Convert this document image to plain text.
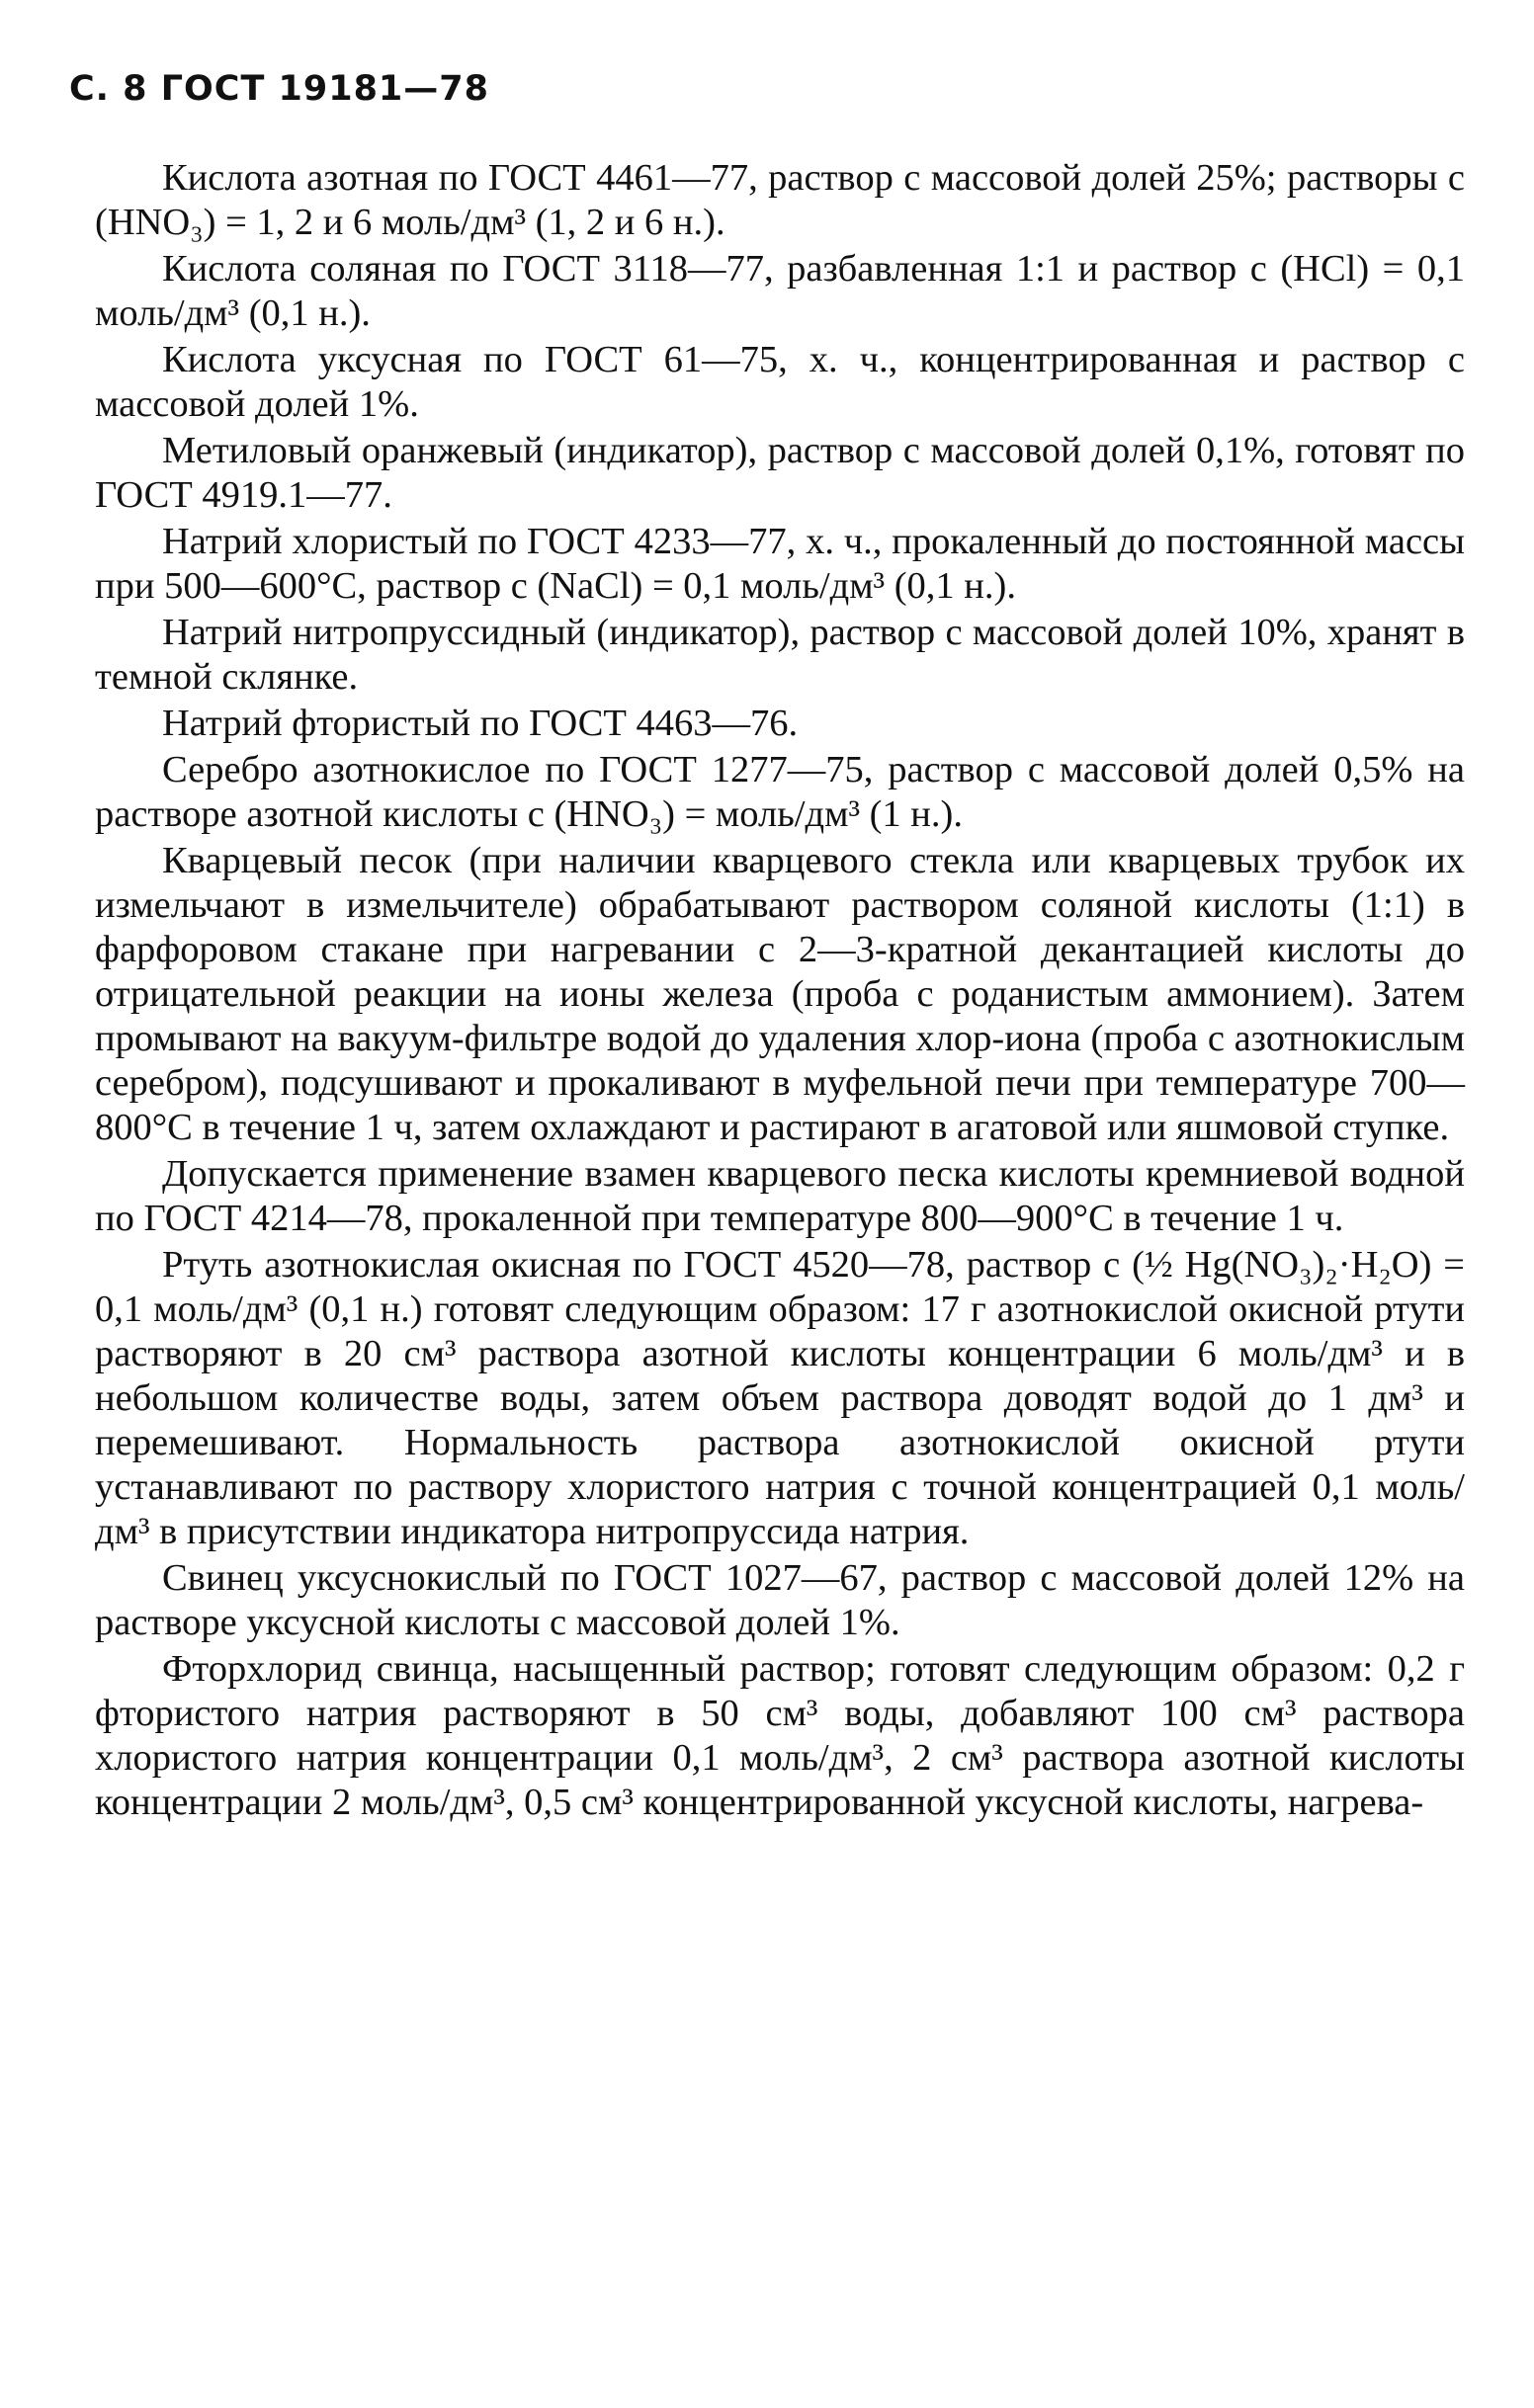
С. 8 ГОСТ 19181—78

Кислота азотная по ГОСТ 4461—77, раствор с массовой долей 25%; растворы c (HNO₃) = 1, 2 и 6 моль/дм³ (1, 2 и 6 н.).

Кислота соляная по ГОСТ 3118—77, разбавленная 1:1 и раствор c (HCl) = 0,1 моль/дм³ (0,1 н.).

Кислота уксусная по ГОСТ 61—75, х. ч., концентрированная и раствор с массовой долей 1%.

Метиловый оранжевый (индикатор), раствор с массовой долей 0,1%, готовят по ГОСТ 4919.1—77.

Натрий хлористый по ГОСТ 4233—77, х. ч., прокаленный до постоянной массы при 500—600°С, раствор c (NaCl) = 0,1 моль/дм³ (0,1 н.).

Натрий нитропруссидный (индикатор), раствор с массовой долей 10%, хранят в темной склянке.

Натрий фтористый по ГОСТ 4463—76.

Серебро азотнокислое по ГОСТ 1277—75, раствор с массовой долей 0,5% на растворе азотной кислоты c (HNO₃) = моль/дм³ (1 н.).

Кварцевый песок (при наличии кварцевого стекла или кварцевых трубок их измельчают в измельчителе) обрабатывают раствором соляной кислоты (1:1) в фарфоровом стакане при нагревании с 2—3-кратной декантацией кислоты до отрицательной реакции на ионы железа (проба с роданистым аммонием). Затем промывают на вакуум-фильтре водой до удаления хлор-иона (проба с азотнокислым серебром), подсушивают и прокаливают в муфельной печи при температуре 700—800°С в течение 1 ч, затем охлаждают и растирают в агатовой или яшмовой ступке.

Допускается применение взамен кварцевого песка кислоты кремниевой водной по ГОСТ 4214—78, прокаленной при температуре 800—900°С в течение 1 ч.

Ртуть азотнокислая окисная по ГОСТ 4520—78, раствор c (½ Hg(NO₃)₂·H₂O) = 0,1 моль/дм³ (0,1 н.) готовят следующим образом: 17 г азотнокислой окисной ртути растворяют в 20 см³ раствора азотной кислоты концентрации 6 моль/дм³ и в небольшом количестве воды, затем объем раствора доводят водой до 1 дм³ и перемешивают. Нормальность раствора азотнокислой окисной ртути устанавливают по раствору хлористого натрия с точной концентрацией 0,1 моль/дм³ в присутствии индикатора нитропруссида натрия.

Свинец уксуснокислый по ГОСТ 1027—67, раствор с массовой долей 12% на растворе уксусной кислоты с массовой долей 1%.

Фторхлорид свинца, насыщенный раствор; готовят следующим образом: 0,2 г фтористого натрия растворяют в 50 см³ воды, добавляют 100 см³ раствора хлористого натрия концентрации 0,1 моль/дм³, 2 см³ раствора азотной кислоты концентрации 2 моль/дм³, 0,5 см³ концентрированной уксусной кислоты, нагрева-
